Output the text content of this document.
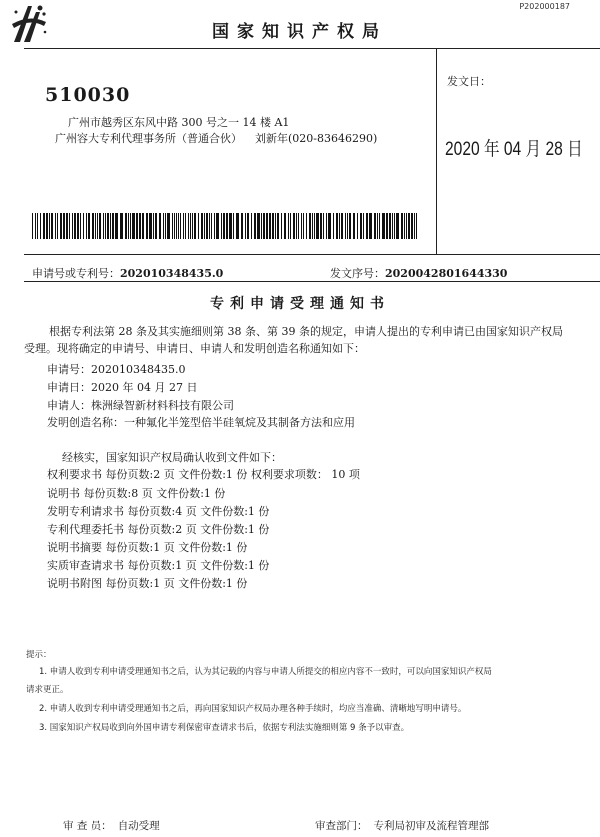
P202000187
国家知识产权局
510030
广州市越秀区东风中路 300 号之一 14 楼 A1
广州容大专利代理事务所（普通合伙） 刘新年(020-83646290)
发文日：
2020 年 04 月 28 日
申请号或专利号：202010348435.0	发文序号：2020042801644330
专利申请受理通知书
根据专利法第 28 条及其实施细则第 38 条、第 39 条的规定，申请人提出的专利申请已由国家知识产权局
受理。现将确定的申请号、申请日、申请人和发明创造名称通知如下：
申请号：202010348435.0
申请日：2020 年 04 月 27 日
申请人：株洲绿智新材料科技有限公司
发明创造名称：一种氟化半笼型倍半硅氧烷及其制备方法和应用
经核实，国家知识产权局确认收到文件如下：
权利要求书 每份页数:2 页 文件份数:1 份 权利要求项数： 10 项
说明书 每份页数:8 页 文件份数:1 份
发明专利请求书 每份页数:4 页 文件份数:1 份
专利代理委托书 每份页数:2 页 文件份数:1 份
说明书摘要 每份页数:1 页 文件份数:1 份
实质审查请求书 每份页数:1 页 文件份数:1 份
说明书附图 每份页数:1 页 文件份数:1 份
提示：
1. 申请人收到专利申请受理通知书之后，认为其记载的内容与申请人所提交的相应内容不一致时，可以向国家知识产权局
请求更正。
2. 申请人收到专利申请受理通知书之后，再向国家知识产权局办理各种手续时，均应当准确、清晰地写明申请号。
3. 国家知识产权局收到向外国申请专利保密审查请求书后，依据专利法实施细则第 9 条予以审查。
审 查 员： 自动受理	审查部门： 专利局初审及流程管理部
